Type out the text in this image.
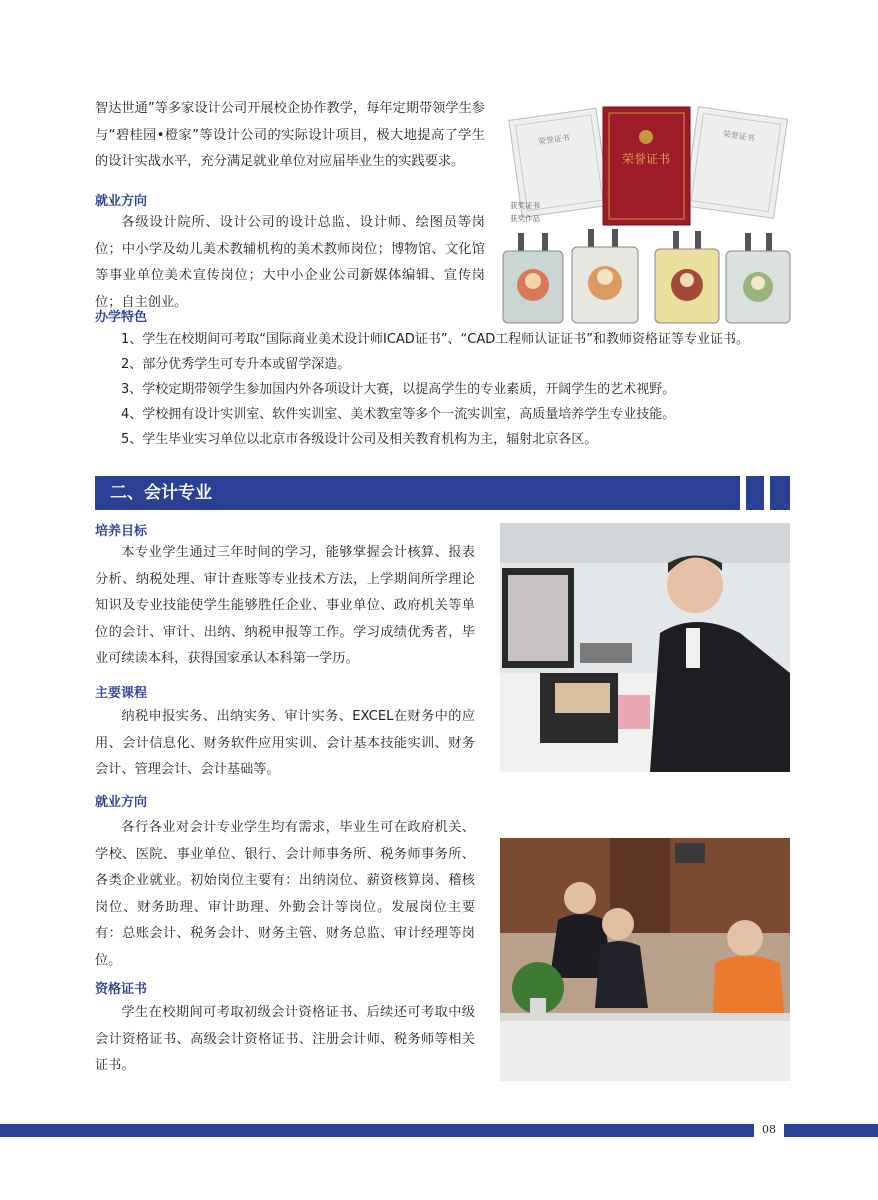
智达世通”等多家设计公司开展校企协作教学，每年定期带领学生参与“碧桂园•橙家”等设计公司的实际设计项目，极大地提高了学生的设计实战水平，充分满足就业单位对应届毕业生的实践要求。

就业方向

各级设计院所、设计公司的设计总监、设计师、绘图员等岗位；中小学及幼儿美术教辅机构的美术教师岗位；博物馆、文化馆等事业单位美术宣传岗位；大中小企业公司新媒体编辑、宣传岗位；自主创业。

办学特色

1、学生在校期间可考取“国际商业美术设计师ICAD证书”、“CAD工程师认证证书”和教师资格证等专业证书。

2、部分优秀学生可专升本或留学深造。

3、学校定期带领学生参加国内外各项设计大赛，以提高学生的专业素质，开阔学生的艺术视野。

4、学校拥有设计实训室、软件实训室、美术教室等多个一流实训室，高质量培养学生专业技能。

5、学生毕业实习单位以北京市各级设计公司及相关教育机构为主，辐射北京各区。

荣誉证书	荣誉证书
荣誉证书
获奖证书
获奖作品
二、会计专业

培养目标

本专业学生通过三年时间的学习，能够掌握会计核算、报表分析、纳税处理、审计查账等专业技术方法，上学期间所学理论知识及专业技能使学生能够胜任企业、事业单位、政府机关等单位的会计、审计、出纳、纳税申报等工作。学习成绩优秀者，毕业可续读本科，获得国家承认本科第一学历。

主要课程

纳税申报实务、出纳实务、审计实务、EXCEL在财务中的应用、会计信息化、财务软件应用实训、会计基本技能实训、财务会计、管理会计、会计基础等。

就业方向

各行各业对会计专业学生均有需求，毕业生可在政府机关、学校、医院、事业单位、银行、会计师事务所、税务师事务所、各类企业就业。初始岗位主要有：出纳岗位、薪资核算岗、稽核岗位、财务助理、审计助理、外勤会计等岗位。发展岗位主要有：总账会计、税务会计、财务主管、财务总监、审计经理等岗位。

资格证书

学生在校期间可考取初级会计资格证书、后续还可考取中级会计资格证书、高级会计资格证书、注册会计师、税务师等相关证书。

08
